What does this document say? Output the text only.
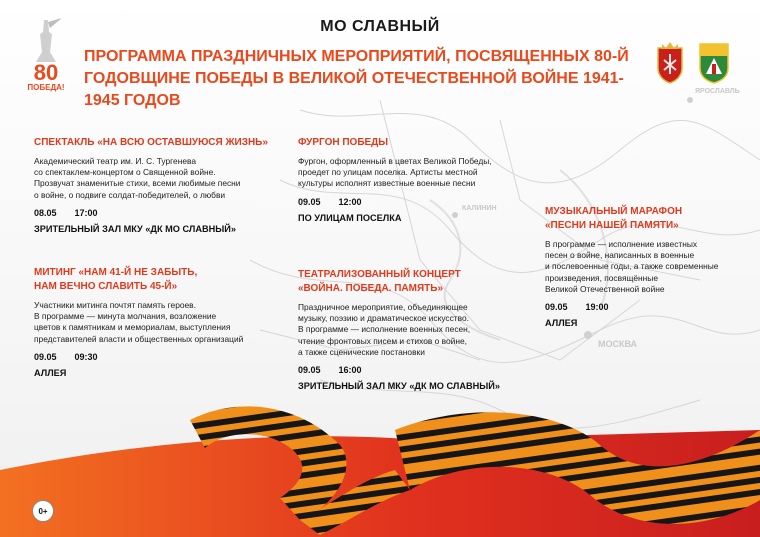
МОСКВА
ЯРОСЛАВЛЬ
КАЛИНИН
80
ПОБЕДА!
МО СЛАВНЫЙ
ПРОГРАММА ПРАЗДНИЧНЫХ МЕРОПРИЯТИЙ, ПОСВЯЩЕННЫХ 80-Й
ГОДОВЩИНЕ ПОБЕДЫ В ВЕЛИКОЙ ОТЕЧЕСТВЕННОЙ ВОЙНЕ 1941-1945 ГОДОВ
СПЕКТАКЛЬ «НА ВСЮ ОСТАВШУЮСЯ ЖИЗНЬ»
Академический театр им. И. С. Тургенева
со спектаклем-концертом о Священной войне.
Прозвучат знаменитые стихи, всеми любимые песни
о войне, о подвиге солдат-победителей, о любви
08.05 17:00
ЗРИТЕЛЬНЫЙ ЗАЛ МКУ «ДК МО СЛАВНЫЙ»
ФУРГОН ПОБЕДЫ
Фургон, оформленный в цветах Великой Победы,
проедет по улицам поселка. Артисты местной
культуры исполнят известные военные песни
09.05 12:00
ПО УЛИЦАМ ПОСЕЛКА
МУЗЫКАЛЬНЫЙ МАРАФОН
«ПЕСНИ НАШЕЙ ПАМЯТИ»
В программе — исполнение известных
песен о войне, написанных в военные
и послевоенные годы, а также современные
произведения, посвящённые
Великой Отечественной войне
09.05 19:00
АЛЛЕЯ
МИТИНГ «НАМ 41-Й НЕ ЗАБЫТЬ,
НАМ ВЕЧНО СЛАВИТЬ 45-Й»
Участники митинга почтят память героев.
В программе — минута молчания, возложение
цветов к памятникам и мемориалам, выступления
представителей власти и общественных организаций
09.05 09:30
АЛЛЕЯ
ТЕАТРАЛИЗОВАННЫЙ КОНЦЕРТ
«ВОЙНА. ПОБЕДА. ПАМЯТЬ»
Праздничное мероприятие, объединяющее
музыку, поэзию и драматическое искусство.
В программе — исполнение военных песен,
чтение фронтовых писем и стихов о войне,
а также сценические постановки
09.05 16:00
ЗРИТЕЛЬНЫЙ ЗАЛ МКУ «ДК МО СЛАВНЫЙ»
0+
